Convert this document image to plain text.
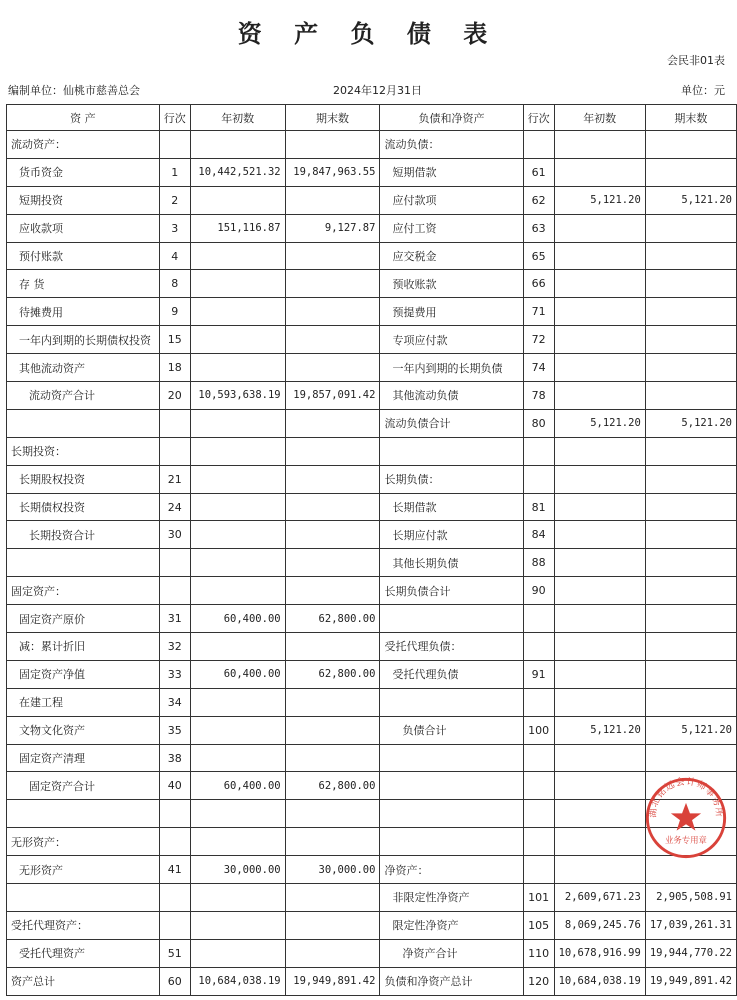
资 产 负 债 表
会民非01表
编制单位：仙桃市慈善总会	2024年12月31日	单位：元
资 产	行次	年初数	期末数	负债和净资产	行次	年初数	期末数
流动资产：				流动负债：			
货币资金	1	10,442,521.32	19,847,963.55	短期借款	61		
短期投资	2			应付款项	62	5,121.20	5,121.20
应收款项	3	151,116.87	9,127.87	应付工资	63		
预付账款	4			应交税金	65		
存 货	8			预收账款	66		
待摊费用	9			预提费用	71		
一年内到期的长期债权投资	15			专项应付款	72		
其他流动资产	18			一年内到期的长期负债	74		
流动资产合计	20	10,593,638.19	19,857,091.42	其他流动负债	78		
				流动负债合计	80	5,121.20	5,121.20
长期投资：							
长期股权投资	21			长期负债：			
长期债权投资	24			长期借款	81		
长期投资合计	30			长期应付款	84		
				其他长期负债	88		
固定资产：				长期负债合计	90		
固定资产原价	31	60,400.00	62,800.00				
减：累计折旧	32			受托代理负债：			
固定资产净值	33	60,400.00	62,800.00	受托代理负债	91		
在建工程	34						
文物文化资产	35			负债合计	100	5,121.20	5,121.20
固定资产清理	38						
固定资产合计	40	60,400.00	62,800.00				

无形资产：							
无形资产	41	30,000.00	30,000.00	净资产：			
				非限定性净资产	101	2,609,671.23	2,905,508.91
受托代理资产：				限定性净资产	105	8,069,245.76	17,039,261.31
受托代理资产	51			净资产合计	110	10,678,916.99	19,944,770.22
资产总计	60	10,684,038.19	19,949,891.42	负债和净资产总计	120	10,684,038.19	19,949,891.42
湖北铭远会计师事务所
业务专用章
